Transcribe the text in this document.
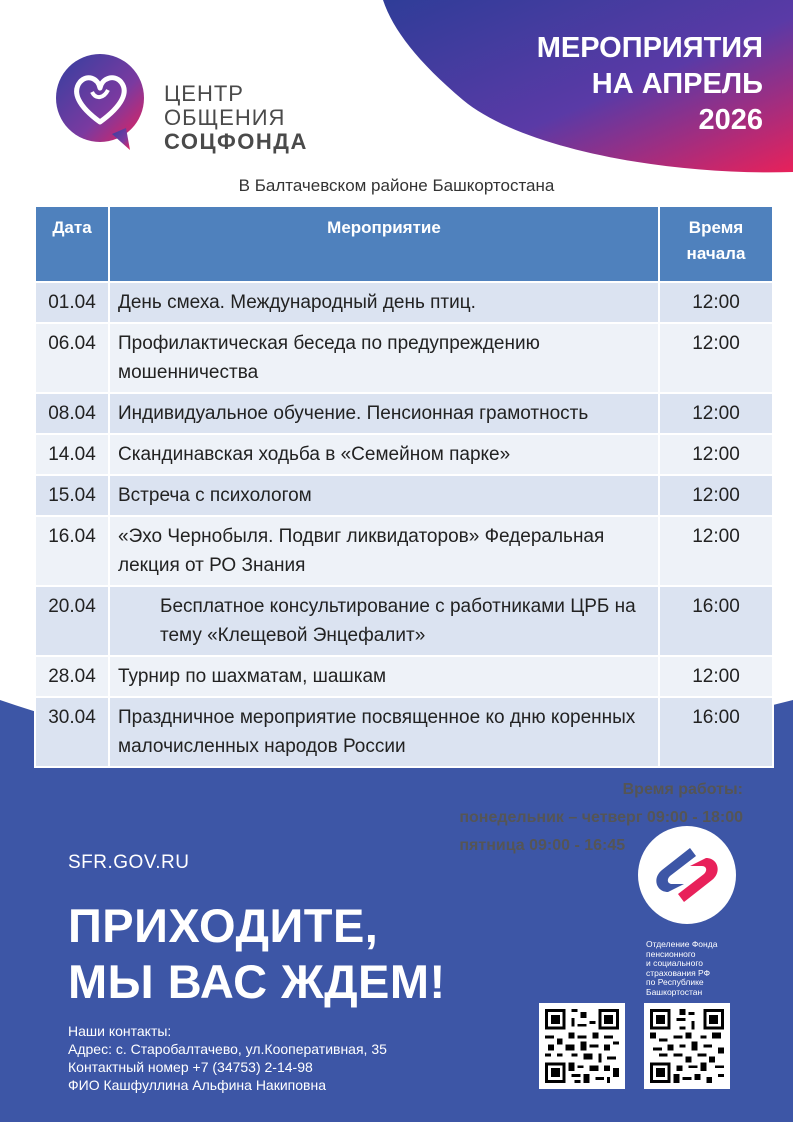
МЕРОПРИЯТИЯ
НА АПРЕЛЬ
2026
ЦЕНТР
ОБЩЕНИЯ
СОЦФОНДА
В Балтачевском районе Башкортостана
Дата	Мероприятие	Время начала
01.04	День смеха. Международный день птиц.	12:00
06.04	Профилактическая беседа по предупреждению мошенничества	12:00
08.04	Индивидуальное обучение. Пенсионная грамотность	12:00
14.04	Скандинавская ходьба в «Семейном парке»	12:00
15.04	Встреча с психологом	12:00
16.04	«Эхо Чернобыля. Подвиг ликвидаторов» Федеральная лекция от РО Знания	12:00
20.04	Бесплатное консультирование с работниками ЦРБ на тему «Клещевой Энцефалит»	16:00
28.04	Турнир по шахматам, шашкам	12:00
30.04	Праздничное мероприятие посвященное ко дню коренных малочисленных народов России	16:00
Время работы:
понедельник – четверг 09:00 - 18:00
пятница 09:00 - 16:45
SFR.GOV.RU
ПРИХОДИТЕ,
МЫ ВАС ЖДЕМ!
Наши контакты:
Адрес: с. Старобалтачево, ул.Кооперативная, 35
Контактный номер +7 (34753) 2-14-98
ФИО Кашфуллина Альфина Накиповна
Отделение Фонда
пенсионного
и социального
страхования РФ
по Республике
Башкортостан
